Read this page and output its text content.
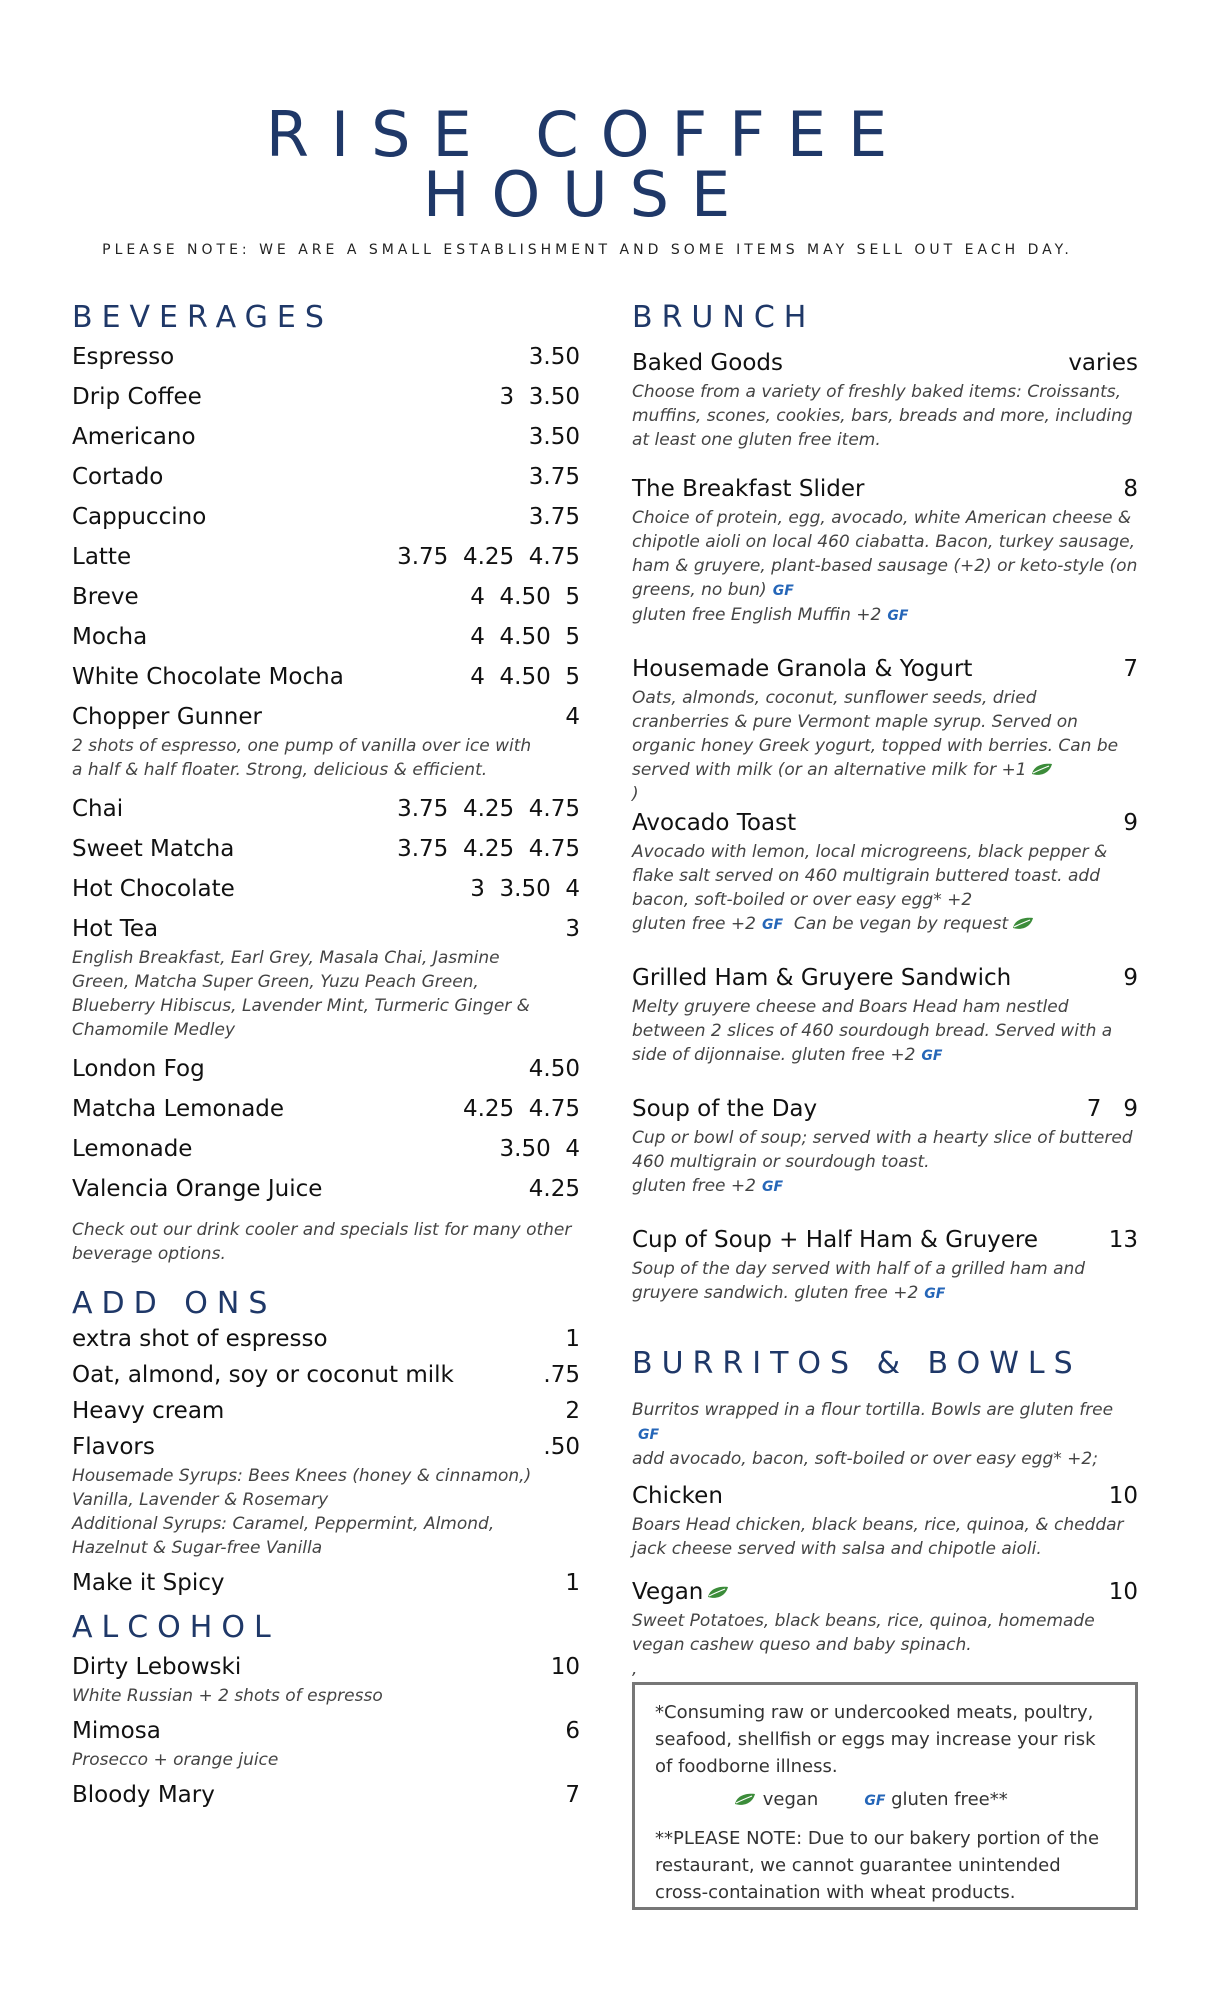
RISE COFFEE
HOUSE
PLEASE NOTE: WE ARE A SMALL ESTABLISHMENT AND SOME ITEMS MAY SELL OUT EACH DAY.
BEVERAGES
Espresso	3.50
Drip Coffee	3  3.50
Americano	3.50
Cortado	3.75
Cappuccino	3.75
Latte	3.75  4.25  4.75
Breve	4  4.50  5
Mocha	4  4.50  5
White Chocolate Mocha	4  4.50  5
Chopper Gunner	4
2 shots of espresso, one pump of vanilla over ice with a half & half floater. Strong, delicious & efficient.
Chai	3.75  4.25  4.75
Sweet Matcha	3.75  4.25  4.75
Hot Chocolate	3  3.50  4
Hot Tea	3
English Breakfast, Earl Grey, Masala Chai, Jasmine Green, Matcha Super Green, Yuzu Peach Green, Blueberry Hibiscus, Lavender Mint, Turmeric Ginger & Chamomile Medley
London Fog	4.50
Matcha Lemonade	4.25  4.75
Lemonade	3.50  4
Valencia Orange Juice	4.25
Check out our drink cooler and specials list for many other beverage options.
ADD ONS
extra shot of espresso	1
Oat, almond, soy or coconut milk	.75
Heavy cream	2
Flavors	.50
Housemade Syrups: Bees Knees (honey & cinnamon,) Vanilla, Lavender & Rosemary
Additional Syrups: Caramel, Peppermint, Almond, Hazelnut & Sugar-free Vanilla
Make it Spicy	1
ALCOHOL
Dirty Lebowski	10
White Russian + 2 shots of espresso
Mimosa	6
Prosecco + orange juice
Bloody Mary	7
BRUNCH
Baked Goods	varies
Choose from a variety of freshly baked items: Croissants, muffins, scones, cookies, bars, breads and more, including at least one gluten free item.
The Breakfast Slider	8
Choice of protein, egg, avocado, white American cheese & chipotle aioli on local 460 ciabatta. Bacon, turkey sausage, ham & gruyere, plant-based sausage (+2) or keto-style (on greens, no bun) GF
gluten free English Muffin +2 GF
Housemade Granola & Yogurt	7
Oats, almonds, coconut, sunflower seeds, dried cranberries & pure Vermont maple syrup. Served on organic honey Greek yogurt, topped with berries. Can be served with milk (or an alternative milk for +1
)
Avocado Toast	9
Avocado with lemon, local microgreens, black pepper & flake salt served on 460 multigrain buttered toast. add bacon, soft-boiled or over easy egg* +2
gluten free +2 GF Can be vegan by request
Grilled Ham & Gruyere Sandwich	9
Melty gruyere cheese and Boars Head ham nestled between 2 slices of 460 sourdough bread. Served with a side of dijonnaise. gluten free +2 GF
Soup of the Day	7   9
Cup or bowl of soup; served with a hearty slice of buttered 460 multigrain or sourdough toast.
gluten free +2 GF
Cup of Soup + Half Ham & Gruyere	13
Soup of the day served with half of a grilled ham and gruyere sandwich. gluten free +2 GF
BURRITOS & BOWLS
Burritos wrapped in a flour tortilla. Bowls are gluten freeGF
add avocado, bacon, soft-boiled or over easy egg* +2;
Chicken	10
Boars Head chicken, black beans, rice, quinoa, & cheddar jack cheese served with salsa and chipotle aioli.
Vegan	10
Sweet Potatoes, black beans, rice, quinoa, homemade vegan cashew queso and baby spinach.
,
*Consuming raw or undercooked meats, poultry, seafood, shellfish or eggs may increase your risk of foodborne illness.
vegan	GF gluten free**
**PLEASE NOTE: Due to our bakery portion of the restaurant, we cannot guarantee unintended cross-containation with wheat products.
